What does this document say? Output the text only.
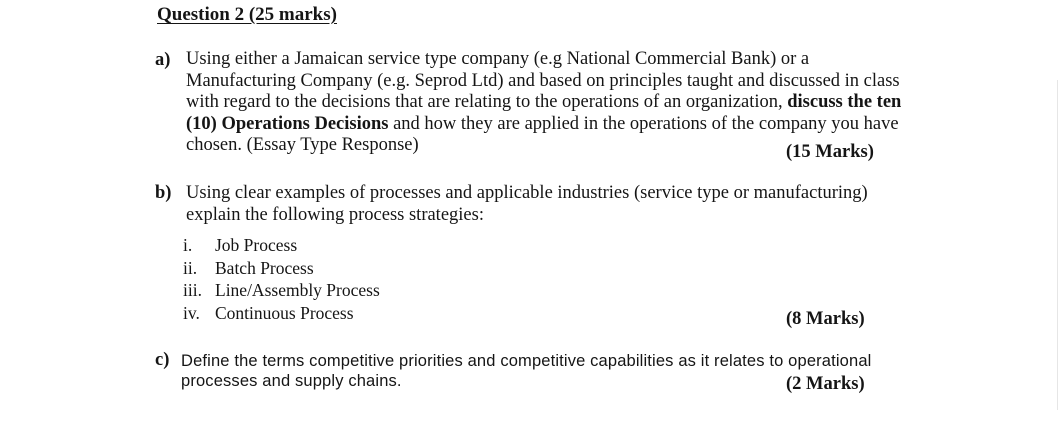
Question 2 (25 marks)
a) Using either a Jamaican service type company (e.g National Commercial Bank) or a
Manufacturing Company (e.g. Seprod Ltd) and based on principles taught and discussed in class
with regard to the decisions that are relating to the operations of an organization, discuss the ten
(10) Operations Decisions and how they are applied in the operations of the company you have
chosen. (Essay Type Response)	(15 Marks)
b) Using clear examples of processes and applicable industries (service type or manufacturing)
explain the following process strategies:
i. Job Process
ii. Batch Process
iii. Line/Assembly Process
iv. Continuous Process	(8 Marks)
c) Define the terms competitive priorities and competitive capabilities as it relates to operational
processes and supply chains.	(2 Marks)
